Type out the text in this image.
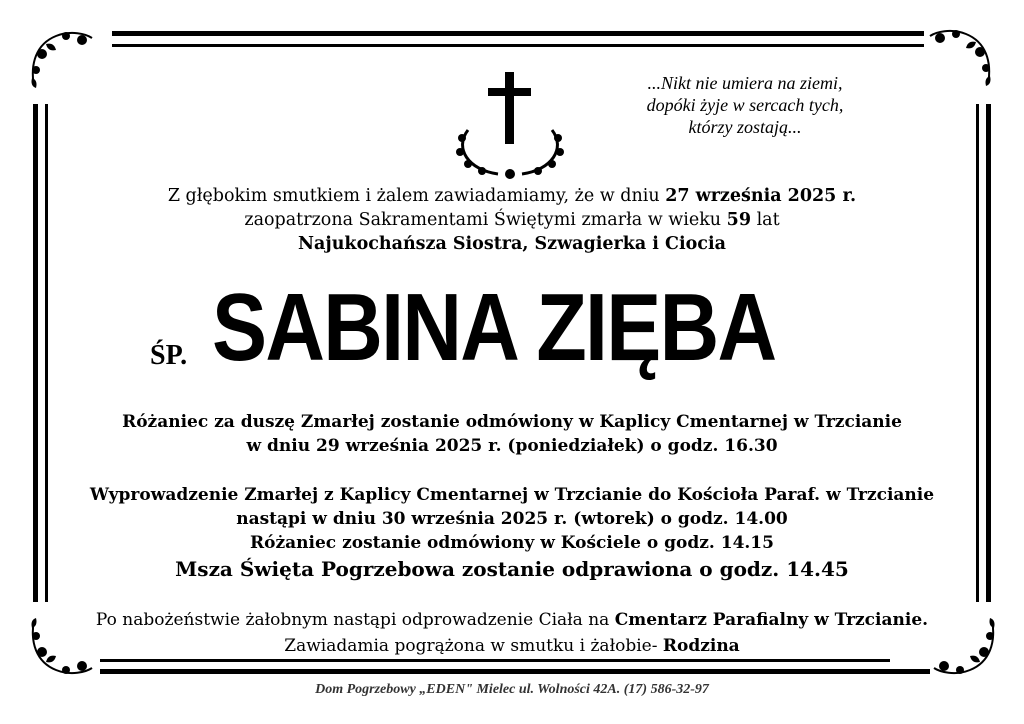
...Nikt nie umiera na ziemi,
dopóki żyje w sercach tych,
którzy zostają...
Z głębokim smutkiem i żalem zawiadamiamy, że w dniu 27 września 2025 r.
zaopatrzona Sakramentami Świętymi zmarła w wieku 59 lat
Najukochańsza Siostra, Szwagierka i Ciocia
ŚP. SABINA ZIĘBA
Różaniec za duszę Zmarłej zostanie odmówiony w Kaplicy Cmentarnej w Trzcianie
w dniu 29 września 2025 r. (poniedziałek) o godz. 16.30
Wyprowadzenie Zmarłej z Kaplicy Cmentarnej w Trzcianie do Kościoła Paraf. w Trzcianie
nastąpi w dniu 30 września 2025 r. (wtorek) o godz. 14.00
Różaniec zostanie odmówiony w Kościele o godz. 14.15
Msza Święta Pogrzebowa zostanie odprawiona o godz. 14.45
Po nabożeństwie żałobnym nastąpi odprowadzenie Ciała na Cmentarz Parafialny w Trzcianie.
Zawiadamia pogrążona w smutku i żałobie- Rodzina
Dom Pogrzebowy „EDEN" Mielec ul. Wolności 42A. (17) 586-32-97
